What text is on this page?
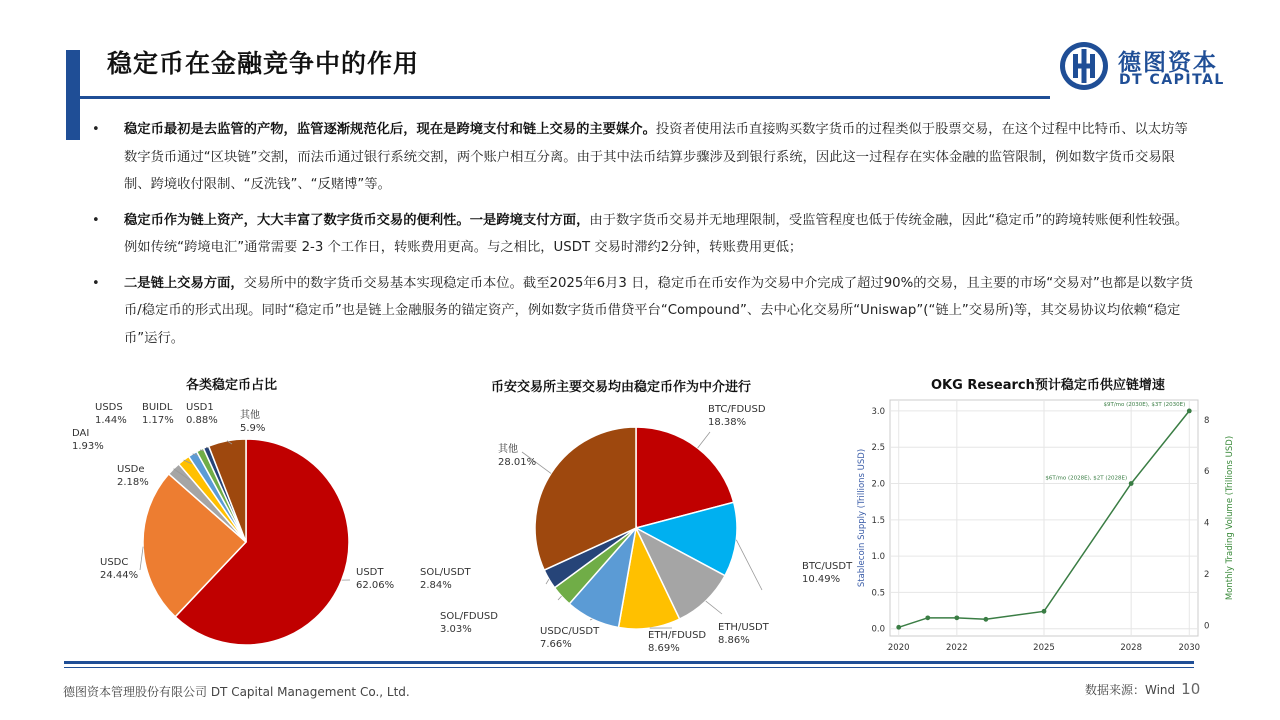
稳定币在金融竞争中的作用	德图资本
DT CAPITAL
• 稳定币最初是去监管的产物，监管逐渐规范化后，现在是跨境支付和链上交易的主要媒介。投资者使用法币直接购买数字货币的过程类似于股票交易，在这个过程中比特币、以太坊等数字货币通过“区块链”交割，而法币通过银行系统交割，两个账户相互分离。由于其中法币结算步骤涉及到银行系统，因此这一过程存在实体金融的监管限制，例如数字货币交易限制、跨境收付限制、“反洗钱”、“反赌博”等。
• 稳定币作为链上资产，大大丰富了数字货币交易的便利性。一是跨境支付方面，由于数字货币交易并无地理限制，受监管程度也低于传统金融，因此“稳定币”的跨境转账便利性较强。例如传统“跨境电汇”通常需要 2-3 个工作日，转账费用更高。与之相比，USDT 交易时滞约2分钟，转账费用更低；
• 二是链上交易方面，交易所中的数字货币交易基本实现稳定币本位。截至2025年6月3 日，稳定币在币安作为交易中介完成了超过90%的交易，且主要的市场“交易对”也都是以数字货币/稳定币的形式出现。同时“稳定币”也是链上金融服务的锚定资产，例如数字货币借贷平台“Compound”、去中心化交易所“Uniswap”(“链上”交易所)等，其交易协议均依赖“稳定币”运行。
各类稳定币占比
USDT
62.06%
USDC
24.44%
USDe
2.18%
DAI
1.93%
USDS
1.44%
BUIDL
1.17%
USD1
0.88% 其他
5.9%
币安交易所主要交易均由稳定币作为中介进行
BTC/FDUSD
18.38%
BTC/USDT
10.49%
ETH/USDT
8.86%
ETH/FDUSD
8.69%
USDC/USDT
7.66%
SOL/FDUSD
3.03%
SOL/USDT
2.84%
其他
28.01%
OKG Research预计稳定币供应链增速
0.0
0.5
1.0
1.5
2.0
2.5
3.0
2020	2022	2025	2028	2030
0
2
4
6
8
Stablecoin Supply (Trillions USD)	Monthly Trading Volume (Trillions USD)
$6T/mo (2028E), $2T (2028E)
$9T/mo (2030E), $3T (2030E)
德图资本管理股份有限公司 DT Capital Management Co., Ltd.	数据来源：Wind 10
